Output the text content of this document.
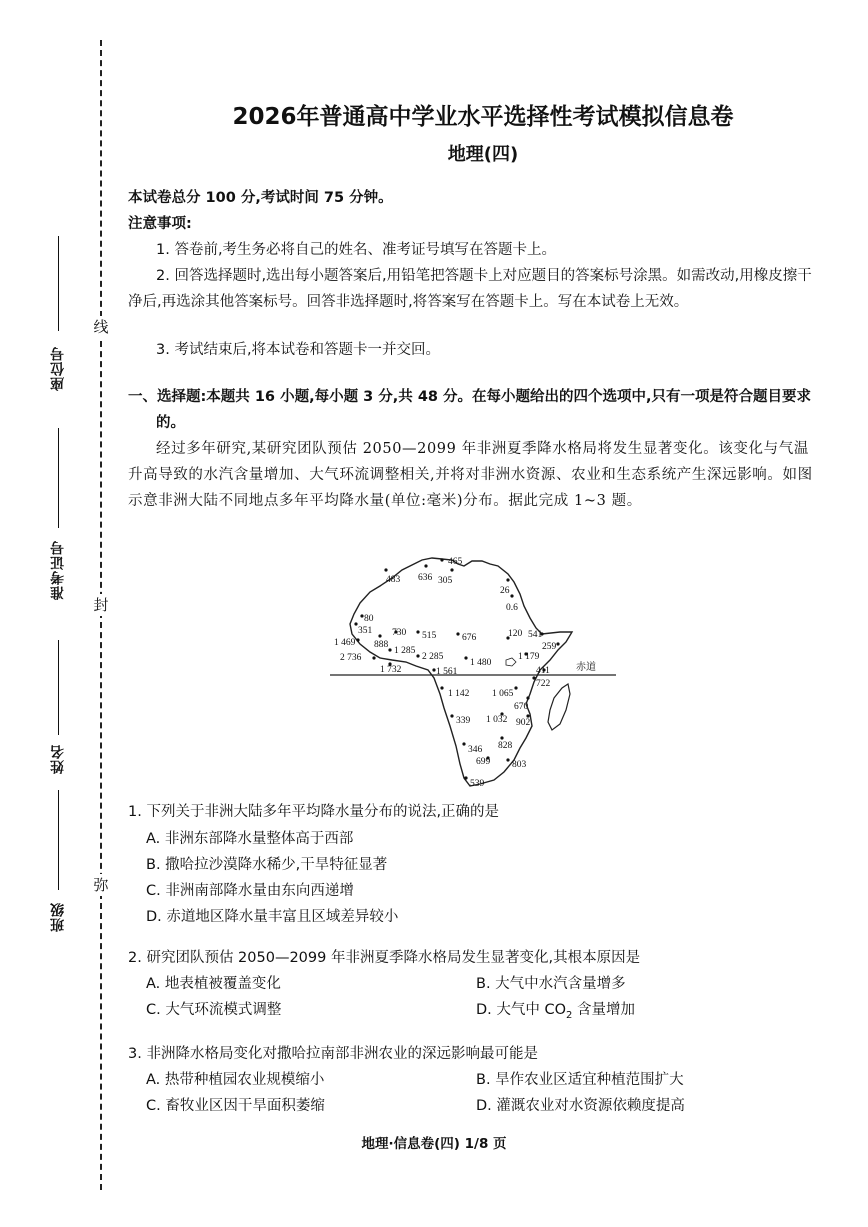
线
封
弥
座位号
准考证号
姓名
班级
2026年普通高中学业水平选择性考试模拟信息卷
地理(四)
本试卷总分 100 分,考试时间 75 分钟。
注意事项:
1. 答卷前,考生务必将自己的姓名、准考证号填写在答题卡上。
2. 回答选择题时,选出每小题答案后,用铅笔把答题卡上对应题目的答案标号涂黑。如需改动,用橡皮擦干净后,再选涂其他答案标号。回答非选择题时,将答案写在答题卡上。写在本试卷上无效。
3. 考试结束后,将本试卷和答题卡一并交回。
一、选择题:本题共 16 小题,每小题 3 分,共 48 分。在每小题给出的四个选项中,只有一项是符合题目要求的。
经过多年研究,某研究团队预估 2050—2099 年非洲夏季降水格局将发生显著变化。该变化与气温升高导致的水汽含量增加、大气环流调整相关,并将对非洲水资源、农业和生态系统产生深远影响。如图示意非洲大陆不同地点多年平均降水量(单位:毫米)分布。据此完成 1~3 题。
赤道
465
636 305
483
26
0.6
80
351 730 515	676	120 541
259
1 469 888
1 285
2 736	2 285
1 480
1 179
1 732	1 561	411
722
1 142 1 065
670
339 1 032 902
828
346
699 803
539
1. 下列关于非洲大陆多年平均降水量分布的说法,正确的是
A. 非洲东部降水量整体高于西部
B. 撒哈拉沙漠降水稀少,干旱特征显著
C. 非洲南部降水量由东向西递增
D. 赤道地区降水量丰富且区域差异较小
2. 研究团队预估 2050—2099 年非洲夏季降水格局发生显著变化,其根本原因是
A. 地表植被覆盖变化	B. 大气中水汽含量增多
C. 大气环流模式调整	D. 大气中 $CO_2$ 含量增加
3. 非洲降水格局变化对撒哈拉南部非洲农业的深远影响最可能是
A. 热带种植园农业规模缩小	B. 旱作农业区适宜种植范围扩大
C. 畜牧业区因干旱面积萎缩	D. 灌溉农业对水资源依赖度提高
地理·信息卷(四) 1/8 页
